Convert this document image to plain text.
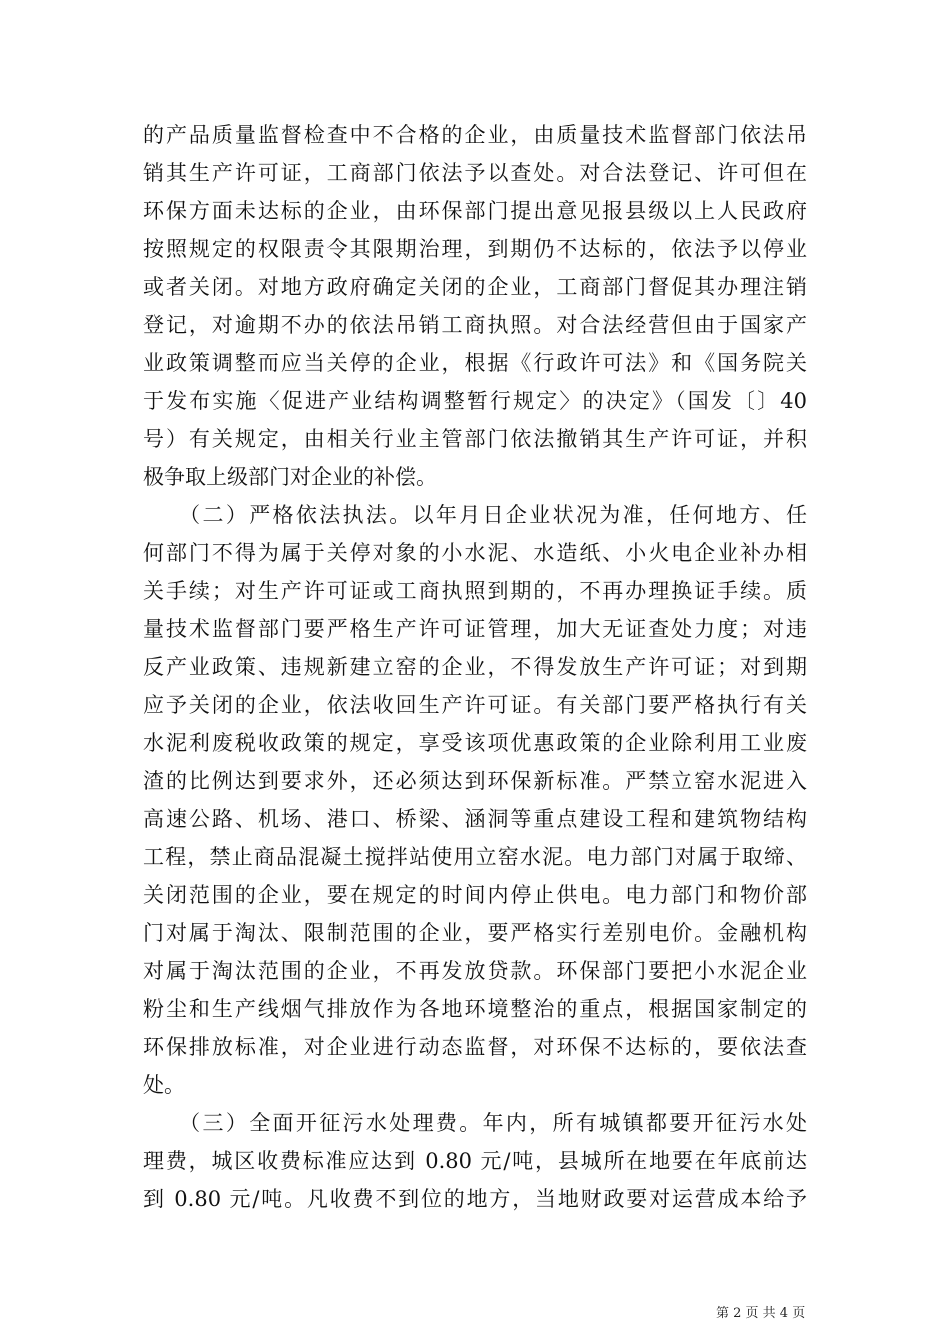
的产品质量监督检查中不合格的企业，由质量技术监督部门依法吊
销其生产许可证，工商部门依法予以查处。对合法登记、许可但在
环保方面未达标的企业，由环保部门提出意见报县级以上人民政府
按照规定的权限责令其限期治理，到期仍不达标的，依法予以停业
或者关闭。对地方政府确定关闭的企业，工商部门督促其办理注销
登记，对逾期不办的依法吊销工商执照。对合法经营但由于国家产
业政策调整而应当关停的企业，根据《行政许可法》和《国务院关
于发布实施〈促进产业结构调整暂行规定〉的决定》（国发〔〕40
号）有关规定，由相关行业主管部门依法撤销其生产许可证，并积
极争取上级部门对企业的补偿。
　　（二）严格依法执法。以年月日企业状况为准，任何地方、任
何部门不得为属于关停对象的小水泥、水造纸、小火电企业补办相
关手续；对生产许可证或工商执照到期的，不再办理换证手续。质
量技术监督部门要严格生产许可证管理，加大无证查处力度；对违
反产业政策、违规新建立窑的企业，不得发放生产许可证；对到期
应予关闭的企业，依法收回生产许可证。有关部门要严格执行有关
水泥利废税收政策的规定，享受该项优惠政策的企业除利用工业废
渣的比例达到要求外，还必须达到环保新标准。严禁立窑水泥进入
高速公路、机场、港口、桥梁、涵洞等重点建设工程和建筑物结构
工程，禁止商品混凝土搅拌站使用立窑水泥。电力部门对属于取缔、
关闭范围的企业，要在规定的时间内停止供电。电力部门和物价部
门对属于淘汰、限制范围的企业，要严格实行差别电价。金融机构
对属于淘汰范围的企业，不再发放贷款。环保部门要把小水泥企业
粉尘和生产线烟气排放作为各地环境整治的重点，根据国家制定的
环保排放标准，对企业进行动态监督，对环保不达标的，要依法查
处。
　　（三）全面开征污水处理费。年内，所有城镇都要开征污水处
理费，城区收费标准应达到 0.80 元/吨，县城所在地要在年底前达
到 0.80 元/吨。凡收费不到位的地方，当地财政要对运营成本给予
第 2 页 共 4 页
